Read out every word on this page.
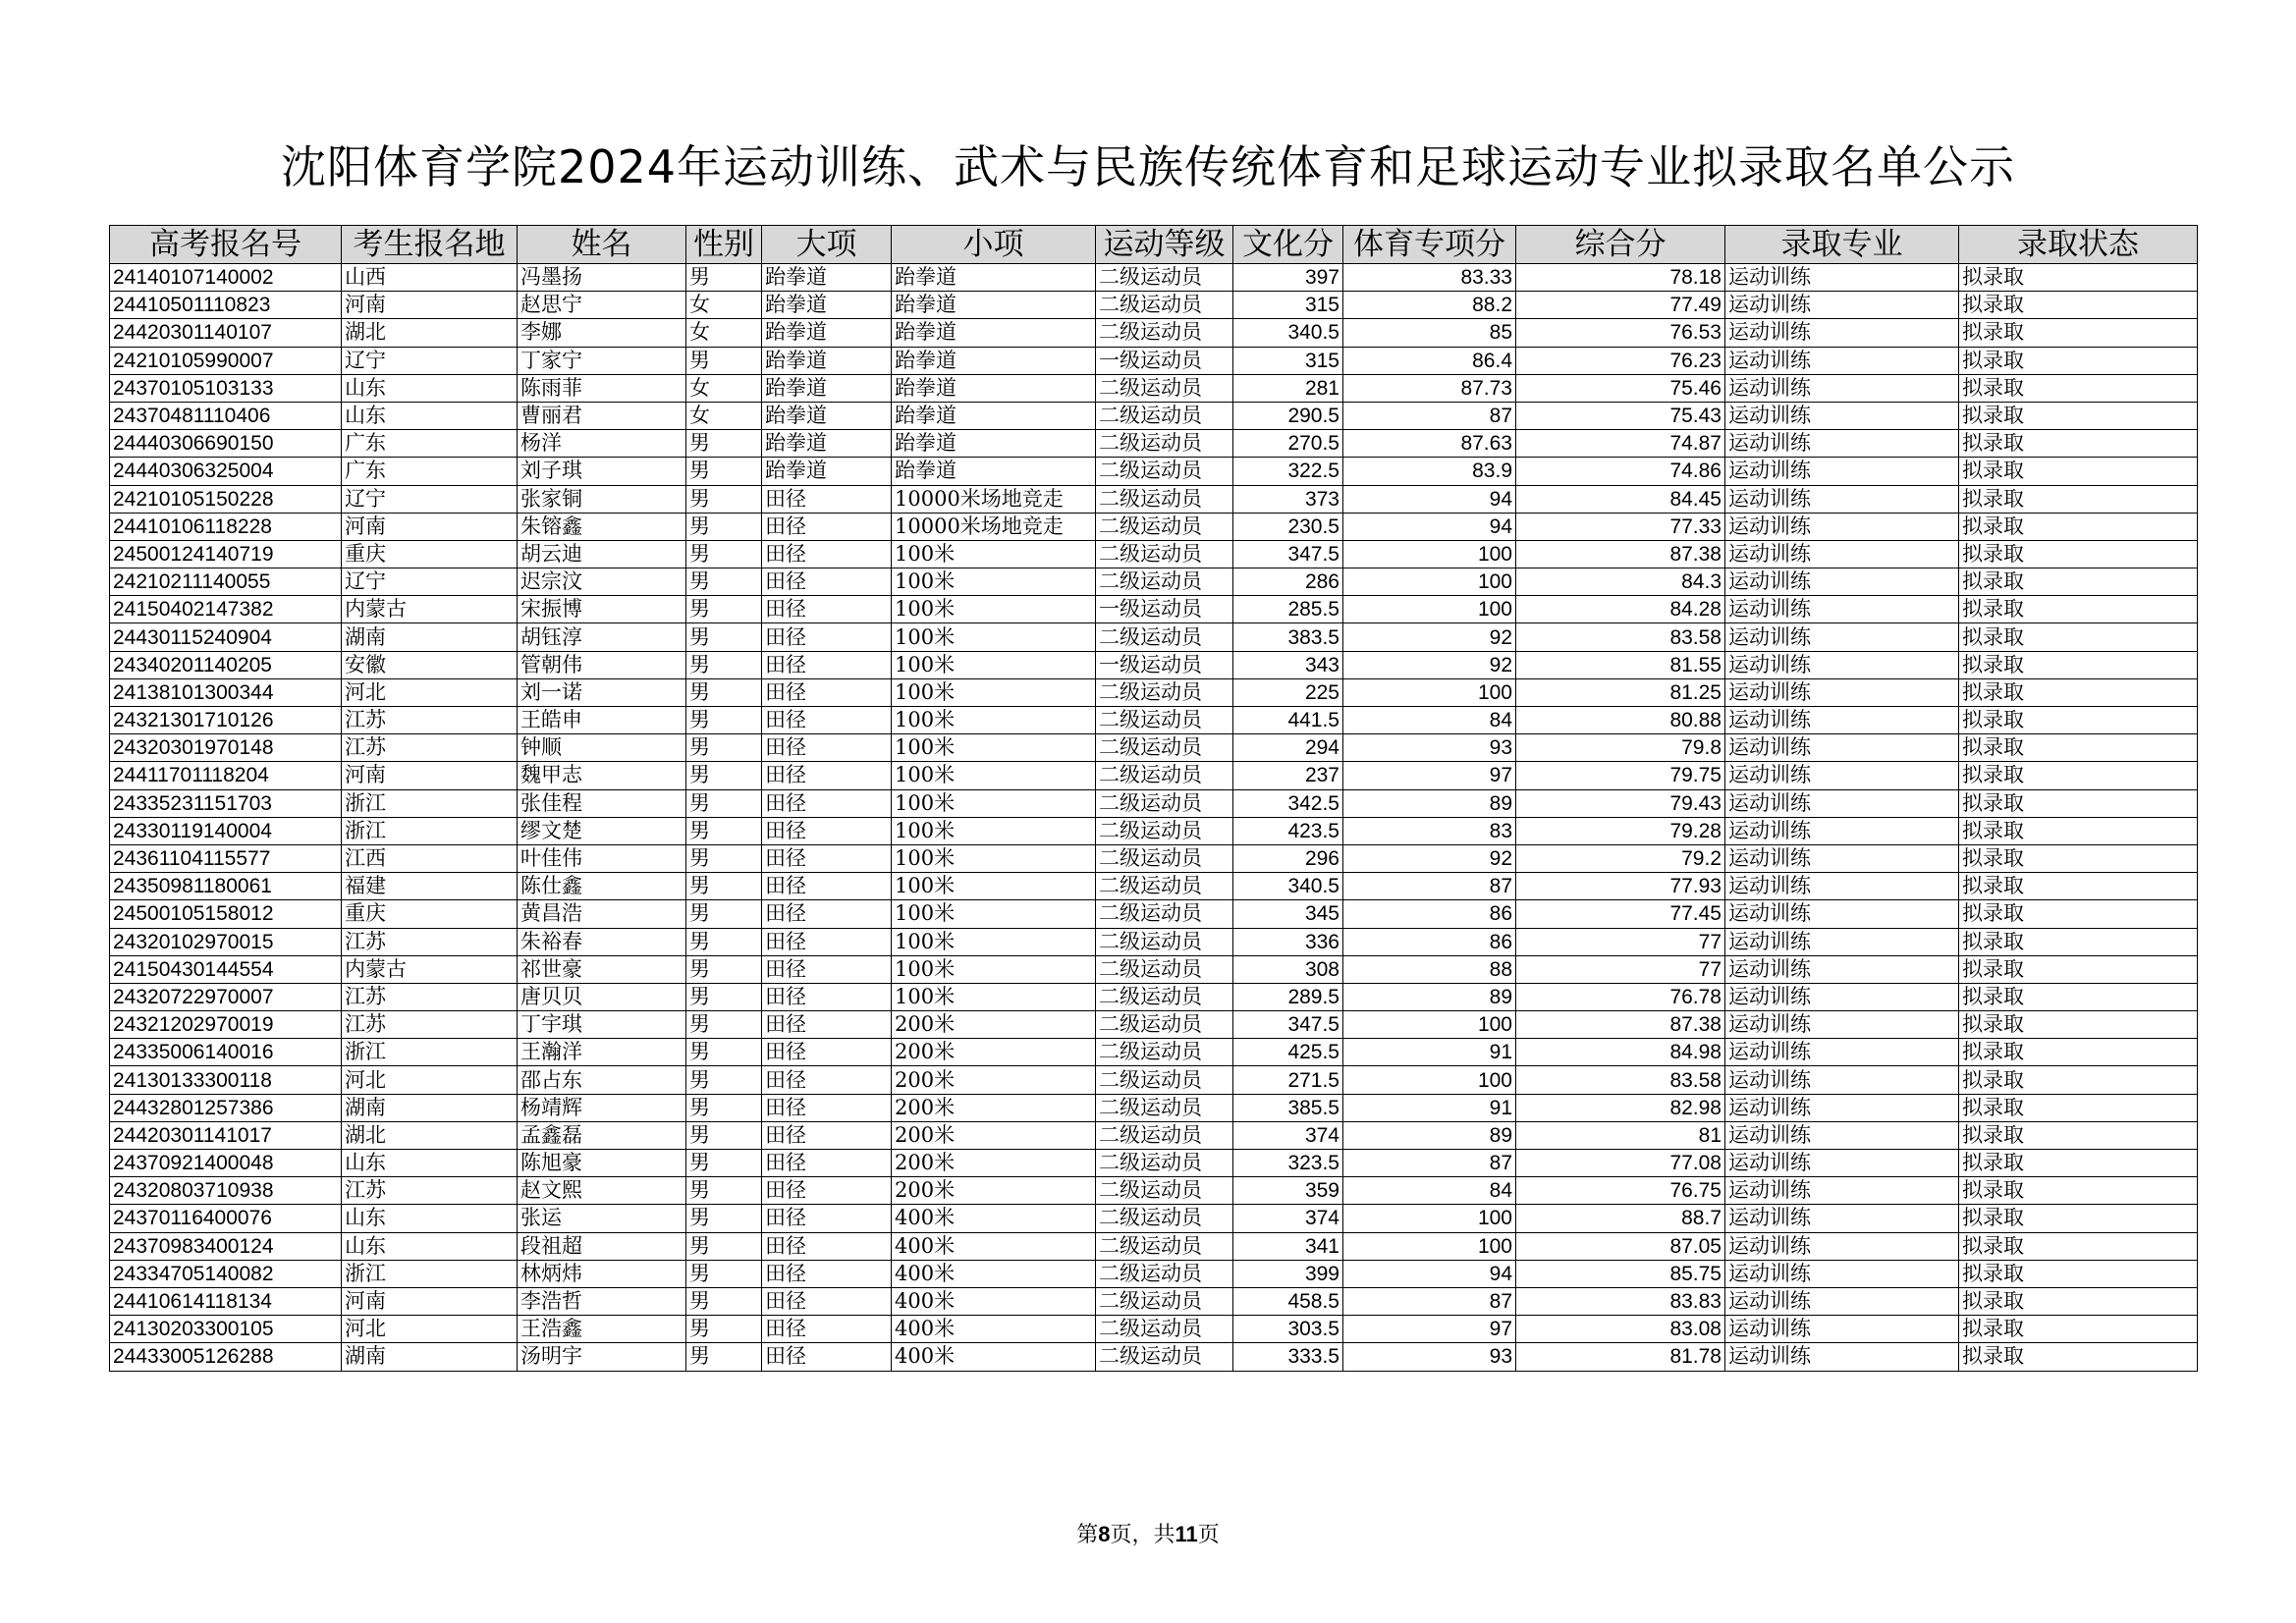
沈阳体育学院2024年运动训练、武术与民族传统体育和足球运动专业拟录取名单公示
高考报名号	考生报名地	姓名	性别	大项	小项	运动等级	文化分	体育专项分	综合分	录取专业	录取状态
24140107140002	山西	冯墨扬	男	跆拳道	跆拳道	二级运动员	397	83.33	78.18	运动训练	拟录取
24410501110823	河南	赵思宁	女	跆拳道	跆拳道	二级运动员	315	88.2	77.49	运动训练	拟录取
24420301140107	湖北	李娜	女	跆拳道	跆拳道	二级运动员	340.5	85	76.53	运动训练	拟录取
24210105990007	辽宁	丁家宁	男	跆拳道	跆拳道	一级运动员	315	86.4	76.23	运动训练	拟录取
24370105103133	山东	陈雨菲	女	跆拳道	跆拳道	二级运动员	281	87.73	75.46	运动训练	拟录取
24370481110406	山东	曹丽君	女	跆拳道	跆拳道	二级运动员	290.5	87	75.43	运动训练	拟录取
24440306690150	广东	杨洋	男	跆拳道	跆拳道	二级运动员	270.5	87.63	74.87	运动训练	拟录取
24440306325004	广东	刘子琪	男	跆拳道	跆拳道	二级运动员	322.5	83.9	74.86	运动训练	拟录取
24210105150228	辽宁	张家铜	男	田径	10000米场地竞走	二级运动员	373	94	84.45	运动训练	拟录取
24410106118228	河南	朱镕鑫	男	田径	10000米场地竞走	二级运动员	230.5	94	77.33	运动训练	拟录取
24500124140719	重庆	胡云迪	男	田径	100米	二级运动员	347.5	100	87.38	运动训练	拟录取
24210211140055	辽宁	迟宗汶	男	田径	100米	二级运动员	286	100	84.3	运动训练	拟录取
24150402147382	内蒙古	宋振博	男	田径	100米	一级运动员	285.5	100	84.28	运动训练	拟录取
24430115240904	湖南	胡钰淳	男	田径	100米	二级运动员	383.5	92	83.58	运动训练	拟录取
24340201140205	安徽	管朝伟	男	田径	100米	一级运动员	343	92	81.55	运动训练	拟录取
24138101300344	河北	刘一诺	男	田径	100米	二级运动员	225	100	81.25	运动训练	拟录取
24321301710126	江苏	王皓申	男	田径	100米	二级运动员	441.5	84	80.88	运动训练	拟录取
24320301970148	江苏	钟顺	男	田径	100米	二级运动员	294	93	79.8	运动训练	拟录取
24411701118204	河南	魏甲志	男	田径	100米	二级运动员	237	97	79.75	运动训练	拟录取
24335231151703	浙江	张佳程	男	田径	100米	二级运动员	342.5	89	79.43	运动训练	拟录取
24330119140004	浙江	缪文楚	男	田径	100米	二级运动员	423.5	83	79.28	运动训练	拟录取
24361104115577	江西	叶佳伟	男	田径	100米	二级运动员	296	92	79.2	运动训练	拟录取
24350981180061	福建	陈仕鑫	男	田径	100米	二级运动员	340.5	87	77.93	运动训练	拟录取
24500105158012	重庆	黄昌浩	男	田径	100米	二级运动员	345	86	77.45	运动训练	拟录取
24320102970015	江苏	朱裕春	男	田径	100米	二级运动员	336	86	77	运动训练	拟录取
24150430144554	内蒙古	祁世豪	男	田径	100米	二级运动员	308	88	77	运动训练	拟录取
24320722970007	江苏	唐贝贝	男	田径	100米	二级运动员	289.5	89	76.78	运动训练	拟录取
24321202970019	江苏	丁宇琪	男	田径	200米	二级运动员	347.5	100	87.38	运动训练	拟录取
24335006140016	浙江	王瀚洋	男	田径	200米	二级运动员	425.5	91	84.98	运动训练	拟录取
24130133300118	河北	邵占东	男	田径	200米	二级运动员	271.5	100	83.58	运动训练	拟录取
24432801257386	湖南	杨靖辉	男	田径	200米	二级运动员	385.5	91	82.98	运动训练	拟录取
24420301141017	湖北	孟鑫磊	男	田径	200米	二级运动员	374	89	81	运动训练	拟录取
24370921400048	山东	陈旭豪	男	田径	200米	二级运动员	323.5	87	77.08	运动训练	拟录取
24320803710938	江苏	赵文熙	男	田径	200米	二级运动员	359	84	76.75	运动训练	拟录取
24370116400076	山东	张运	男	田径	400米	二级运动员	374	100	88.7	运动训练	拟录取
24370983400124	山东	段祖超	男	田径	400米	二级运动员	341	100	87.05	运动训练	拟录取
24334705140082	浙江	林炳炜	男	田径	400米	二级运动员	399	94	85.75	运动训练	拟录取
24410614118134	河南	李浩哲	男	田径	400米	二级运动员	458.5	87	83.83	运动训练	拟录取
24130203300105	河北	王浩鑫	男	田径	400米	二级运动员	303.5	97	83.08	运动训练	拟录取
24433005126288	湖南	汤明宇	男	田径	400米	二级运动员	333.5	93	81.78	运动训练	拟录取
第8页，共11页
